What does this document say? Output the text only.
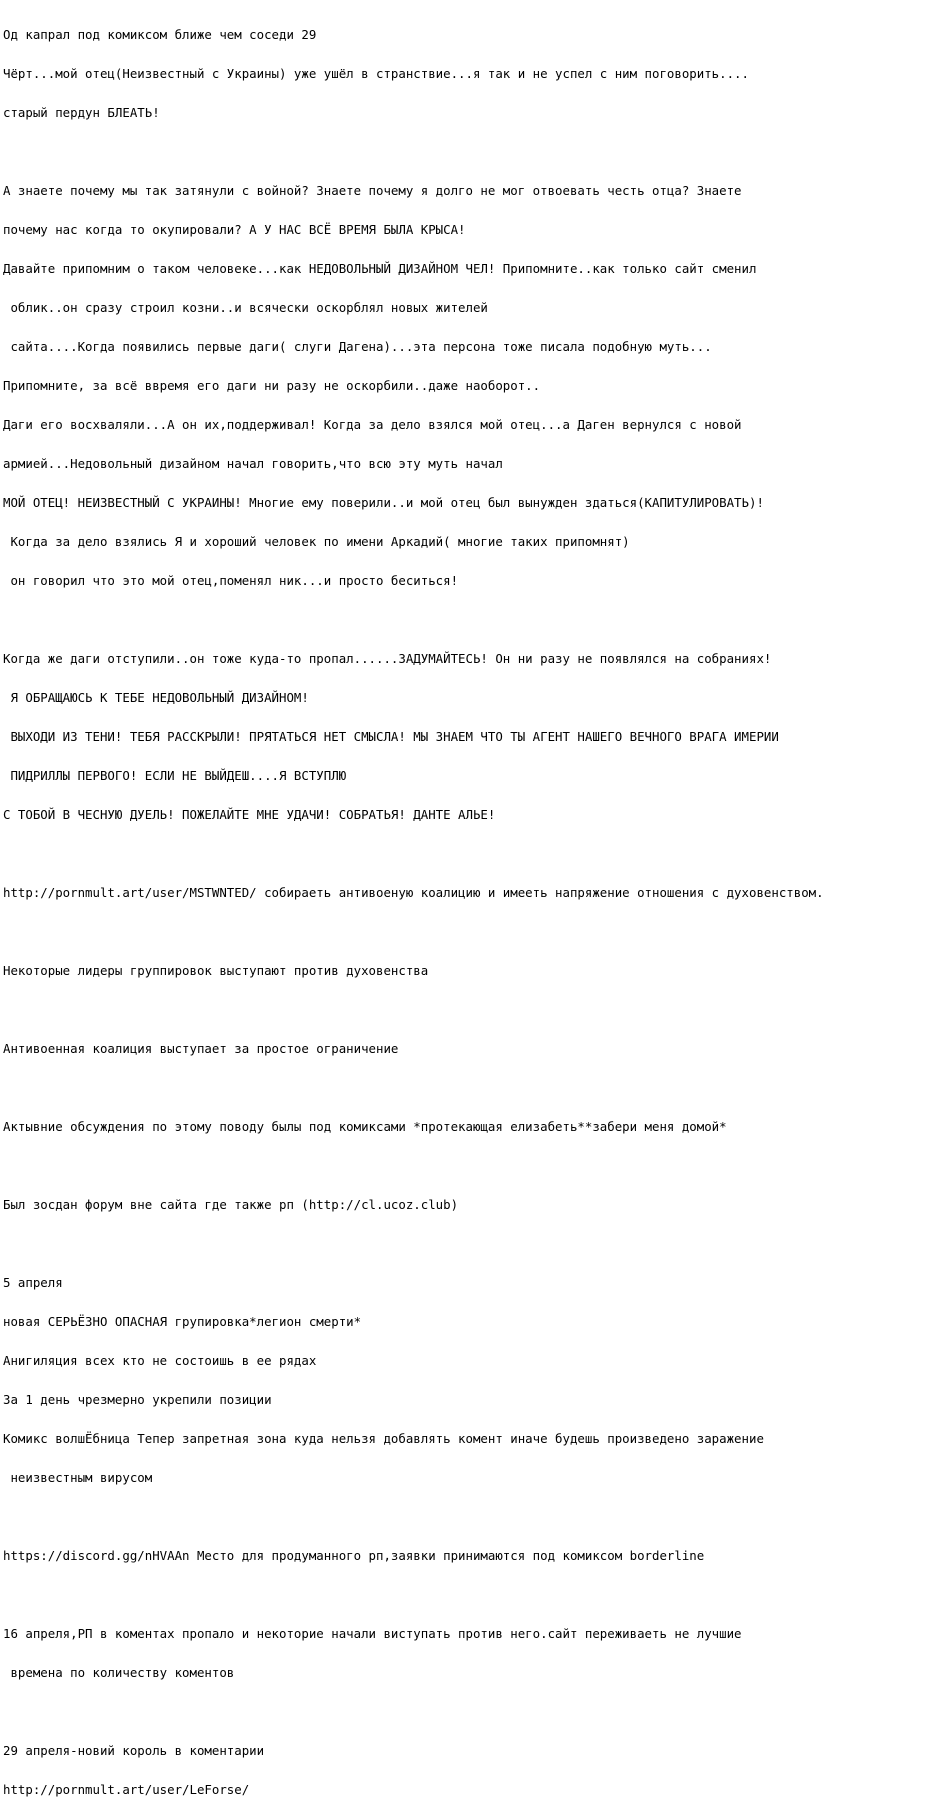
Од капрал под комиксом ближе чем соседи 29

Чёрт...мой отец(Неизвестный с Украины) уже ушёл в странствие...я так и не успел с ним поговорить....

старый пердун БЛЕАТЬ!

А знаете почему мы так затянули с войной? Знаете почему я долго не мог отвоевать честь отца? Знаете

почему нас когда то окупировали? А У НАС ВСЁ ВРЕМЯ БЫЛА КРЫСА!

Давайте припомним о таком человеке...как НЕДОВОЛЬНЫЙ ДИЗАЙНОМ ЧЕЛ! Припомните..как только сайт сменил

облик..он сразу строил козни..и всячески оскорблял новых жителей

сайта....Когда появились первые даги( слуги Дагена)...эта персона тоже писала подобную муть...

Припомните, за всё ввремя его даги ни разу не оскорбили..даже наоборот..

Даги его восхваляли...А он их,поддерживал! Когда за дело взялся мой отец...а Даген вернулся с новой

армией...Недовольный дизайном начал говорить,что всю эту муть начал

МОЙ ОТЕЦ! НЕИЗВЕСТНЫЙ С УКРАИНЫ! Многие ему поверили..и мой отец был вынужден здаться(КАПИТУЛИРОВАТЬ)!

Когда за дело взялись Я и хороший человек по имени Аркадий( многие таких припомнят)

он говорил что это мой отец,поменял ник...и просто беситься!

Когда же даги отступили..он тоже куда-то пропал......ЗАДУМАЙТЕСЬ! Он ни разу не появлялся на собраниях!

Я ОБРАЩАЮСЬ К ТЕБЕ НЕДОВОЛЬНЫЙ ДИЗАЙНОМ!

ВЫХОДИ ИЗ ТЕНИ! ТЕБЯ РАССКРЫЛИ! ПРЯТАТЬСЯ НЕТ СМЫСЛА! МЫ ЗНАЕМ ЧТО ТЫ АГЕНТ НАШЕГО ВЕЧНОГО ВРАГА ИМЕРИИ

ПИДРИЛЛЫ ПЕРВОГО! ЕСЛИ НЕ ВЫЙДЕШ....Я ВСТУПЛЮ

С ТОБОЙ В ЧЕСНУЮ ДУЕЛЬ! ПОЖЕЛАЙТЕ МНЕ УДАЧИ! СОБРАТЬЯ! ДАНТЕ АЛЬЕ!

http://pornmult.art/user/MSTWNTED/ собираеть антивоеную коалицию и имееть напряжение отношения с духовенством.

Некоторые лидеры группировок выступают против духовенства

Антивоенная коалиция выступает за простое ограничение

Актывние обсуждения по этому поводу былы под комиксами *протекающая елизабеть**забери меня домой*

Был зосдан форум вне сайта где также рп (http://cl.ucoz.club)

5 апреля

новая СЕРЬЁЗНО ОПАСНАЯ групировка*легион смерти*

Анигиляция всех кто не состоишь в ее рядах

За 1 день чрезмерно укрепили позиции

Комикс волшЁбница Тепер запретная зона куда нельзя добавлять комент иначе будешь произведено заражение

неизвестным вирусом

https://discord.gg/nHVAAn Место для продуманного рп,заявки принимаются под комиксом borderline

16 апреля,РП в коментах пропало и некоторие начали виступать против него.сайт переживаеть не лучшие

времена по количеству коментов

29 апреля-новий король в коментарии

http://pornmult.art/user/LeForse/
